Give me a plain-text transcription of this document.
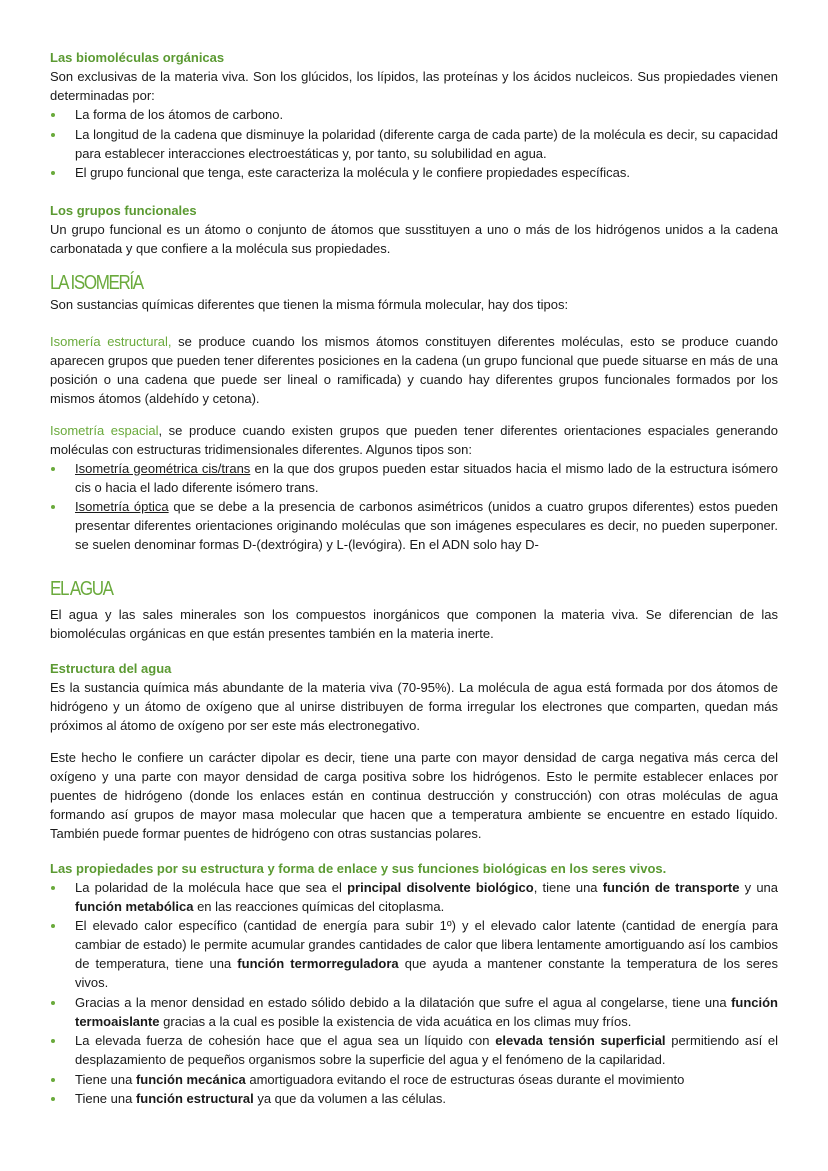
Las biomoléculas orgánicas

Son exclusivas de la materia viva. Son los glúcidos, los lípidos, las proteínas y los ácidos nucleicos. Sus propiedades vienen determinadas por:

La forma de los átomos de carbono.
La longitud de la cadena que disminuye la polaridad (diferente carga de cada parte) de la molécula es decir, su capacidad para establecer interacciones electroestáticas y, por tanto, su solubilidad en agua.
El grupo funcional que tenga, este caracteriza la molécula y le confiere propiedades específicas.
Los grupos funcionales

Un grupo funcional es un átomo o conjunto de átomos que susstituyen a uno o más de los hidrógenos unidos a la cadena carbonatada y que confiere a la molécula sus propiedades.

LA ISOMERÍA

Son sustancias químicas diferentes que tienen la misma fórmula molecular, hay dos tipos:

Isomería estructural, se produce cuando los mismos átomos constituyen diferentes moléculas, esto se produce cuando aparecen grupos que pueden tener diferentes posiciones en la cadena (un grupo funcional que puede situarse en más de una posición o una cadena que puede ser lineal o ramificada) y cuando hay diferentes grupos funcionales formados por los mismos átomos (aldehído y cetona).

Isometría espacial, se produce cuando existen grupos que pueden tener diferentes orientaciones espaciales generando moléculas con estructuras tridimensionales diferentes. Algunos tipos son:

Isometría geométrica cis/trans en la que dos grupos pueden estar situados hacia el mismo lado de la estructura isómero cis o hacia el lado diferente isómero trans.
Isometría óptica que se debe a la presencia de carbonos asimétricos (unidos a cuatro grupos diferentes) estos pueden presentar diferentes orientaciones originando moléculas que son imágenes especulares es decir, no pueden superponer. se suelen denominar formas D-(dextrógira) y L-(levógira). En el ADN solo hay D-
EL AGUA

El agua y las sales minerales son los compuestos inorgánicos que componen la materia viva. Se diferencian de las biomoléculas orgánicas en que están presentes también en la materia inerte.

Estructura del agua

Es la sustancia química más abundante de la materia viva (70-95%). La molécula de agua está formada por dos átomos de hidrógeno y un átomo de oxígeno que al unirse distribuyen de forma irregular los electrones que comparten, quedan más próximos al átomo de oxígeno por ser este más electronegativo.

Este hecho le confiere un carácter dipolar es decir, tiene una parte con mayor densidad de carga negativa más cerca del oxígeno y una parte con mayor densidad de carga positiva sobre los hidrógenos. Esto le permite establecer enlaces por puentes de hidrógeno (donde los enlaces están en continua destrucción y construcción) con otras moléculas de agua formando así grupos de mayor masa molecular que hacen que a temperatura ambiente se encuentre en estado líquido. También puede formar puentes de hidrógeno con otras sustancias polares.

Las propiedades por su estructura y forma de enlace y sus funciones biológicas en los seres vivos.
La polaridad de la molécula hace que sea el principal disolvente biológico, tiene una función de transporte y una función metabólica en las reacciones químicas del citoplasma.
El elevado calor específico (cantidad de energía para subir 1º) y el elevado calor latente (cantidad de energía para cambiar de estado) le permite acumular grandes cantidades de calor que libera lentamente amortiguando así los cambios de temperatura, tiene una función termorreguladora que ayuda a mantener constante la temperatura de los seres vivos.
Gracias a la menor densidad en estado sólido debido a la dilatación que sufre el agua al congelarse, tiene una función termoaislante gracias a la cual es posible la existencia de vida acuática en los climas muy fríos.
La elevada fuerza de cohesión hace que el agua sea un líquido con elevada tensión superficial permitiendo así el desplazamiento de pequeños organismos sobre la superficie del agua y el fenómeno de la capilaridad.
Tiene una función mecánica amortiguadora evitando el roce de estructuras óseas durante el movimiento
Tiene una función estructural ya que da volumen a las células.
